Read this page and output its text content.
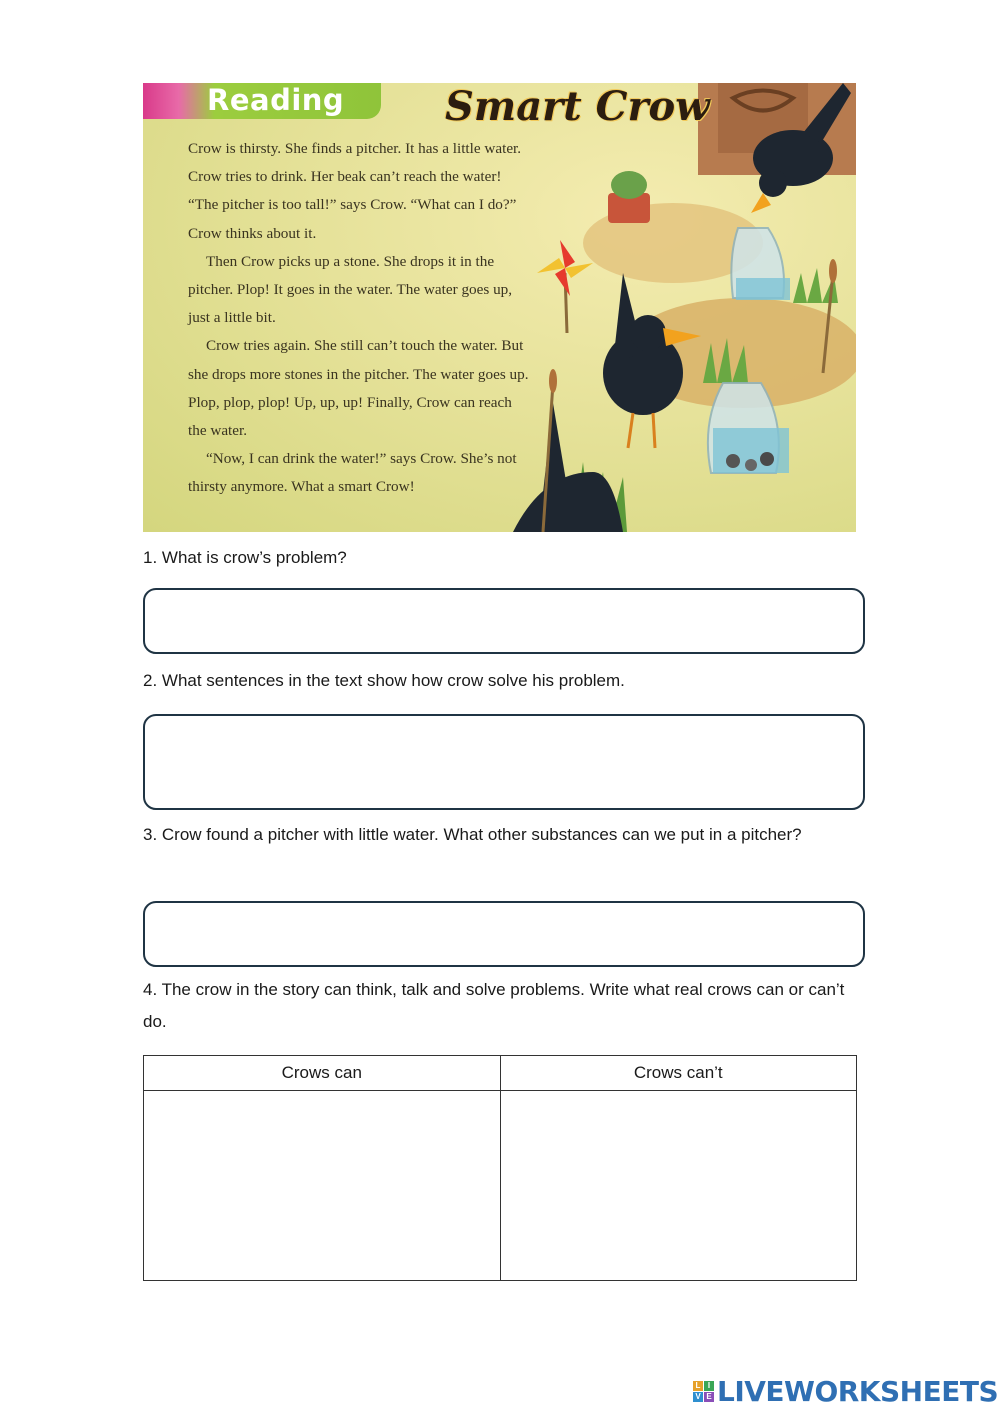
Reading	Smart Crow

Crow is thirsty. She finds a pitcher. It has a little water. Crow tries to drink. Her beak can’t reach the water! “The pitcher is too tall!” says Crow. “What can I do?” Crow thinks about it.

Then Crow picks up a stone. She drops it in the pitcher. Plop! It goes in the water. The water goes up, just a little bit.

Crow tries again. She still can’t touch the water. But she drops more stones in the pitcher. The water goes up. Plop, plop, plop! Up, up, up! Finally, Crow can reach the water.

“Now, I can drink the water!” says Crow. She’s not thirsty anymore. What a smart Crow!

1. What is crow’s problem?
2. What sentences in the text show how crow solve his problem.
3. Crow found a pitcher with little water. What other substances can we put in a pitcher?
4. The crow in the story can think, talk and solve problems. Write what real crows can or can’t do.
Crows can	Crows can’t

L I
V E LIVEWORKSHEETS
